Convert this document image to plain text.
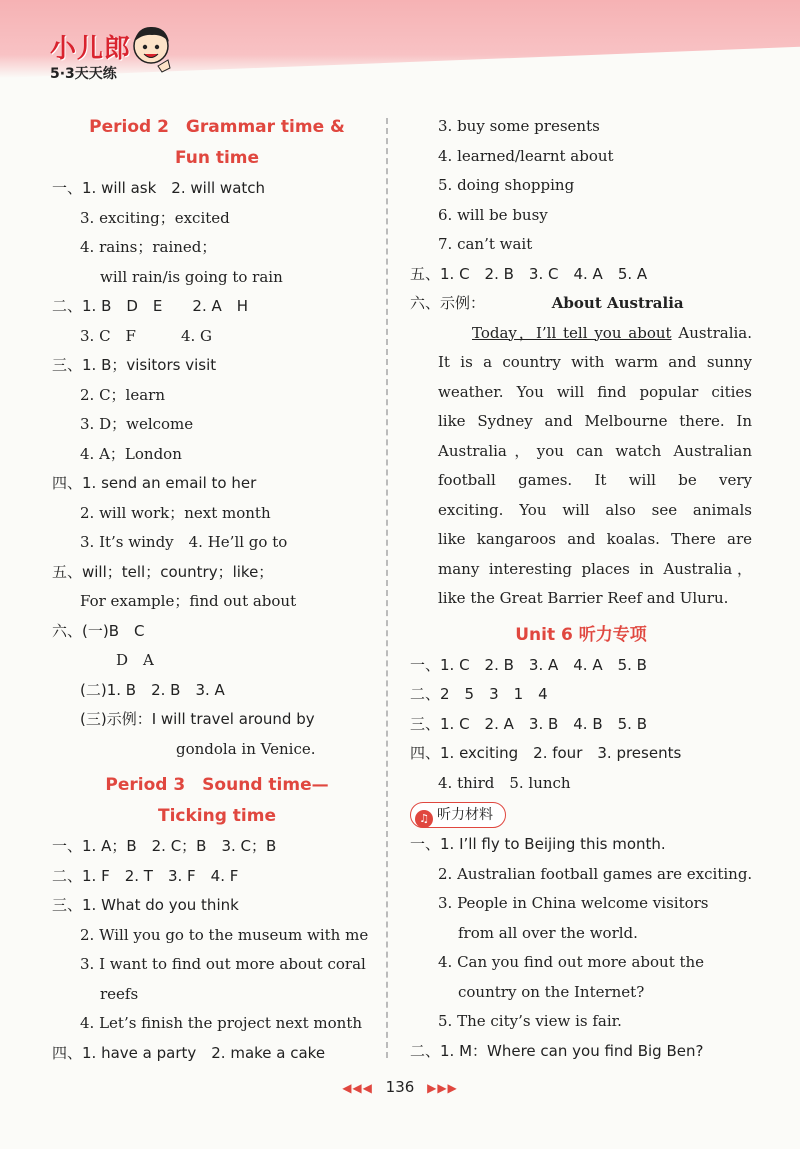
小儿郎
5·3天天练
Period 2　Grammar time &
Fun time
一、1. will ask　2. will watch
3. exciting；excited
4. rains；rained；
will rain/is going to rain
二、1. B　D　E　　2. A　H
3. C　F　　　4. G
三、1. B；visitors visit
2. C；learn
3. D；welcome
4. A；London
四、1. send an email to her
2. will work；next month
3. It’s windy　4. He’ll go to
五、will；tell；country；like；
For example；find out about
六、(一)B　C
D　A
(二)1. B　2. B　3. A
(三)示例：I will travel around by
gondola in Venice.
Period 3　Sound time—
Ticking time
一、1. A；B　2. C；B　3. C；B
二、1. F　2. T　3. F　4. F
三、1. What do you think
2. Will you go to the museum with me
3. I want to find out more about coral
reefs
4. Let’s finish the project next month
四、1. have a party　2. make a cake
3. buy some presents
4. learned/learnt about
5. doing shopping
6. will be busy
7. can’t wait
五、1. C　2. B　3. C　4. A　5. A
六、示例：	About Australia
Today，I’ll tell you about Australia.
It is a country with warm and sunny
weather. You will find popular cities
like Sydney and Melbourne there. In
Australia，you can watch Australian
football games. It will be very
exciting. You will also see animals
like kangaroos and koalas. There are
many interesting places in Australia，
like the Great Barrier Reef and Uluru.
Unit 6 听力专项
一、1. C　2. B　3. A　4. A　5. B
二、2　5　3　1　4
三、1. C　2. A　3. B　4. B　5. B
四、1. exciting　2. four　3. presents
4. third　5. lunch
♫ 听力材料
一、1. I’ll fly to Beijing this month.
2. Australian football games are exciting.
3. People in China welcome visitors
from all over the world.
4. Can you find out more about the
country on the Internet?
5. The city’s view is fair.
二、1. M：Where can you find Big Ben?
◀◀◀ 136 ▶▶▶
